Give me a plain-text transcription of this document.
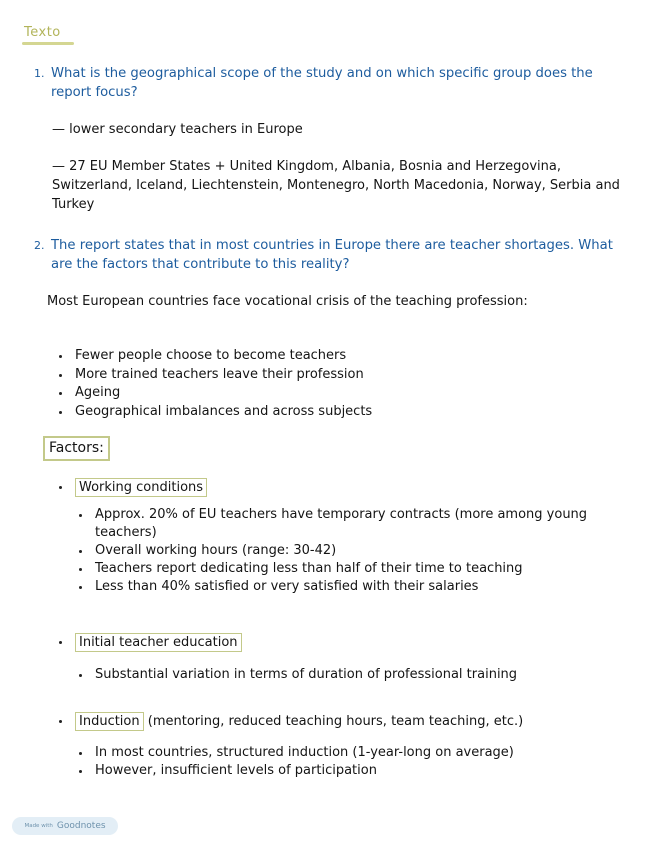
Texto
1. What is the geographical scope of the study and on which specific group does the report focus?
— lower secondary teachers in Europe
— 27 EU Member States + United Kingdom, Albania, Bosnia and Herzegovina, Switzerland, Iceland, Liechtenstein, Montenegro, North Macedonia, Norway, Serbia and Turkey
2. The report states that in most countries in Europe there are teacher shortages. What are the factors that contribute to this reality?
Most European countries face vocational crisis of the teaching profession:
Fewer people choose to become teachers
More trained teachers leave their profession
Ageing
Geographical imbalances and across subjects
Factors:
Working conditions
Approx. 20% of EU teachers have temporary contracts (more among young teachers)
Overall working hours (range: 30-42)
Teachers report dedicating less than half of their time to teaching
Less than 40% satisfied or very satisfied with their salaries
Initial teacher education
Substantial variation in terms of duration of professional training
Induction (mentoring, reduced teaching hours, team teaching, etc.)
In most countries, structured induction (1-year-long on average)
However, insufficient levels of participation
Made with Goodnotes
